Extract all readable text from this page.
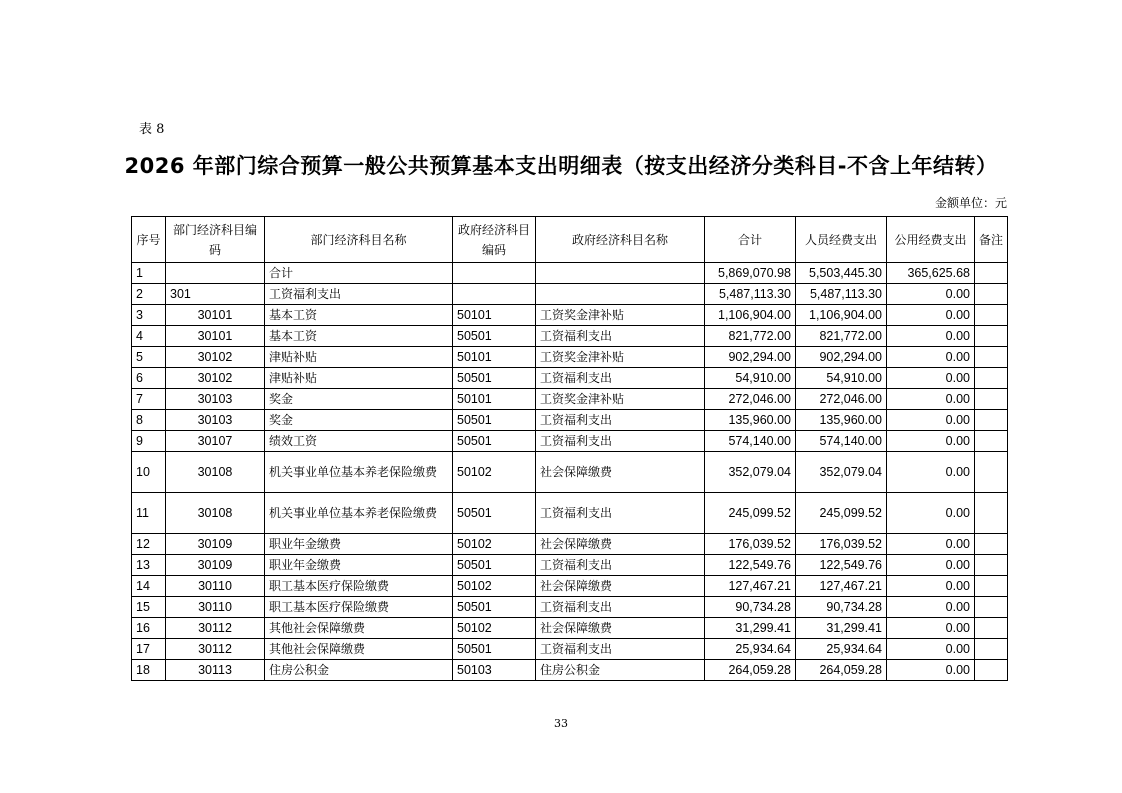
表 8
2026 年部门综合预算一般公共预算基本支出明细表（按支出经济分类科目-不含上年结转）
金额单位：元
序号	部门经济科目编码	部门经济科目名称	政府经济科目编码	政府经济科目名称	合计	人员经费支出	公用经费支出	备注
1		合计			5,869,070.98	5,503,445.30	365,625.68	
2	301	工资福利支出			5,487,113.30	5,487,113.30	0.00	
3	30101	基本工资	50101	工资奖金津补贴	1,106,904.00	1,106,904.00	0.00	
4	30101	基本工资	50501	工资福利支出	821,772.00	821,772.00	0.00	
5	30102	津贴补贴	50101	工资奖金津补贴	902,294.00	902,294.00	0.00	
6	30102	津贴补贴	50501	工资福利支出	54,910.00	54,910.00	0.00	
7	30103	奖金	50101	工资奖金津补贴	272,046.00	272,046.00	0.00	
8	30103	奖金	50501	工资福利支出	135,960.00	135,960.00	0.00	
9	30107	绩效工资	50501	工资福利支出	574,140.00	574,140.00	0.00	
10	30108	机关事业单位基本养老保险缴费	50102	社会保障缴费	352,079.04	352,079.04	0.00	
11	30108	机关事业单位基本养老保险缴费	50501	工资福利支出	245,099.52	245,099.52	0.00	
12	30109	职业年金缴费	50102	社会保障缴费	176,039.52	176,039.52	0.00	
13	30109	职业年金缴费	50501	工资福利支出	122,549.76	122,549.76	0.00	
14	30110	职工基本医疗保险缴费	50102	社会保障缴费	127,467.21	127,467.21	0.00	
15	30110	职工基本医疗保险缴费	50501	工资福利支出	90,734.28	90,734.28	0.00	
16	30112	其他社会保障缴费	50102	社会保障缴费	31,299.41	31,299.41	0.00	
17	30112	其他社会保障缴费	50501	工资福利支出	25,934.64	25,934.64	0.00	
18	30113	住房公积金	50103	住房公积金	264,059.28	264,059.28	0.00	
33
